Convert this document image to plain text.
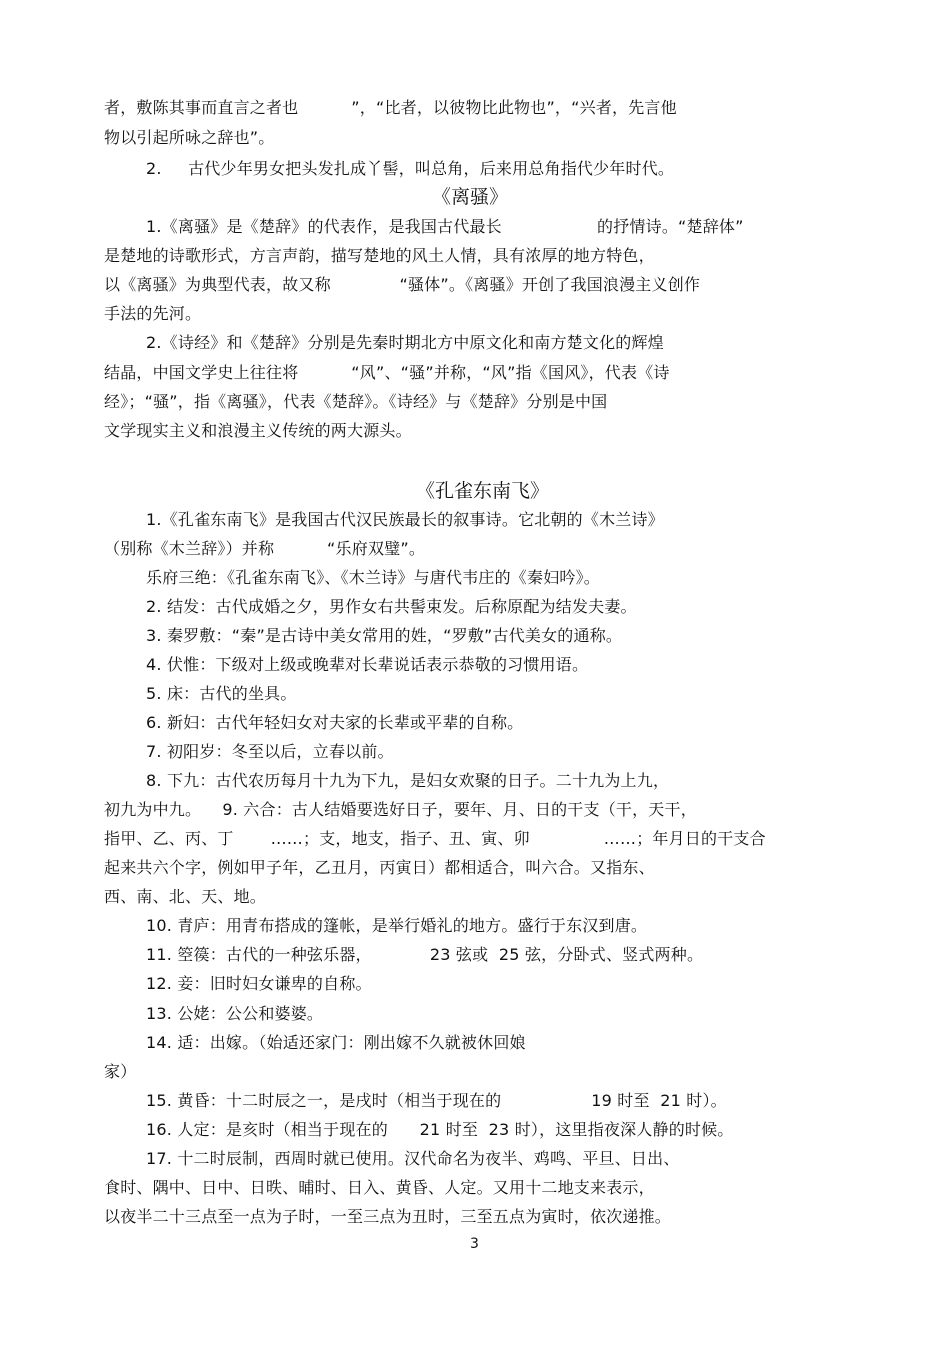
者，敷陈其事而直言之者也          ”，“比者，以彼物比此物也”，“兴者，先言他
物以引起所咏之辞也”。
2.     古代少年男女把头发扎成丫髻，叫总角，后来用总角指代少年时代。
《离骚》
1.《离骚》是《楚辞》的代表作，是我国古代最长                  的抒情诗。“楚辞体”
是楚地的诗歌形式，方言声韵，描写楚地的风土人情，具有浓厚的地方特色，
以《离骚》为典型代表，故又称             “骚体”。《离骚》开创了我国浪漫主义创作
手法的先河。
2.《诗经》和《楚辞》分别是先秦时期北方中原文化和南方楚文化的辉煌
结晶，中国文学史上往往将          “风”、“骚”并称，“风”指《国风》，代表《诗
经》；“骚”，指《离骚》，代表《楚辞》。《诗经》与《楚辞》分别是中国
文学现实主义和浪漫主义传统的两大源头。
《孔雀东南飞》
1.《孔雀东南飞》是我国古代汉民族最长的叙事诗。它北朝的《木兰诗》
（别称《木兰辞》）并称          “乐府双璧”。
乐府三绝：《孔雀东南飞》、《木兰诗》与唐代韦庄的《秦妇吟》。
2. 结发：古代成婚之夕，男作女右共髻束发。后称原配为结发夫妻。
3. 秦罗敷：“秦”是古诗中美女常用的姓，“罗敷”古代美女的通称。
4. 伏惟：下级对上级或晚辈对长辈说话表示恭敬的习惯用语。
5. 床：古代的坐具。
6. 新妇：古代年轻妇女对夫家的长辈或平辈的自称。
7. 初阳岁：冬至以后，立春以前。
8. 下九：古代农历每月十九为下九，是妇女欢聚的日子。二十九为上九，
初九为中九。    9. 六合：古人结婚要选好日子，要年、月、日的干支（干，天干，
指甲、乙、丙、丁       ……；支，地支，指子、丑、寅、卯              ……；年月日的干支合
起来共六个字，例如甲子年，乙丑月，丙寅日）都相适合，叫六合。又指东、
西、南、北、天、地。
10. 青庐：用青布搭成的篷帐，是举行婚礼的地方。盛行于东汉到唐。
11. 箜篌：古代的一种弦乐器，           23 弦或  25 弦，分卧式、竖式两种。
12. 妾：旧时妇女谦卑的自称。
13. 公姥：公公和婆婆。
14. 适：出嫁。（始适还家门：刚出嫁不久就被休回娘
家）
15. 黄昏：十二时辰之一，是戌时（相当于现在的                 19 时至  21 时）。
16. 人定：是亥时（相当于现在的      21 时至  23 时），这里指夜深人静的时候。
17. 十二时辰制，西周时就已使用。汉代命名为夜半、鸡鸣、平旦、日出、
食时、隅中、日中、日昳、晡时、日入、黄昏、人定。又用十二地支来表示，
以夜半二十三点至一点为子时，一至三点为丑时，三至五点为寅时，依次递推。
3
